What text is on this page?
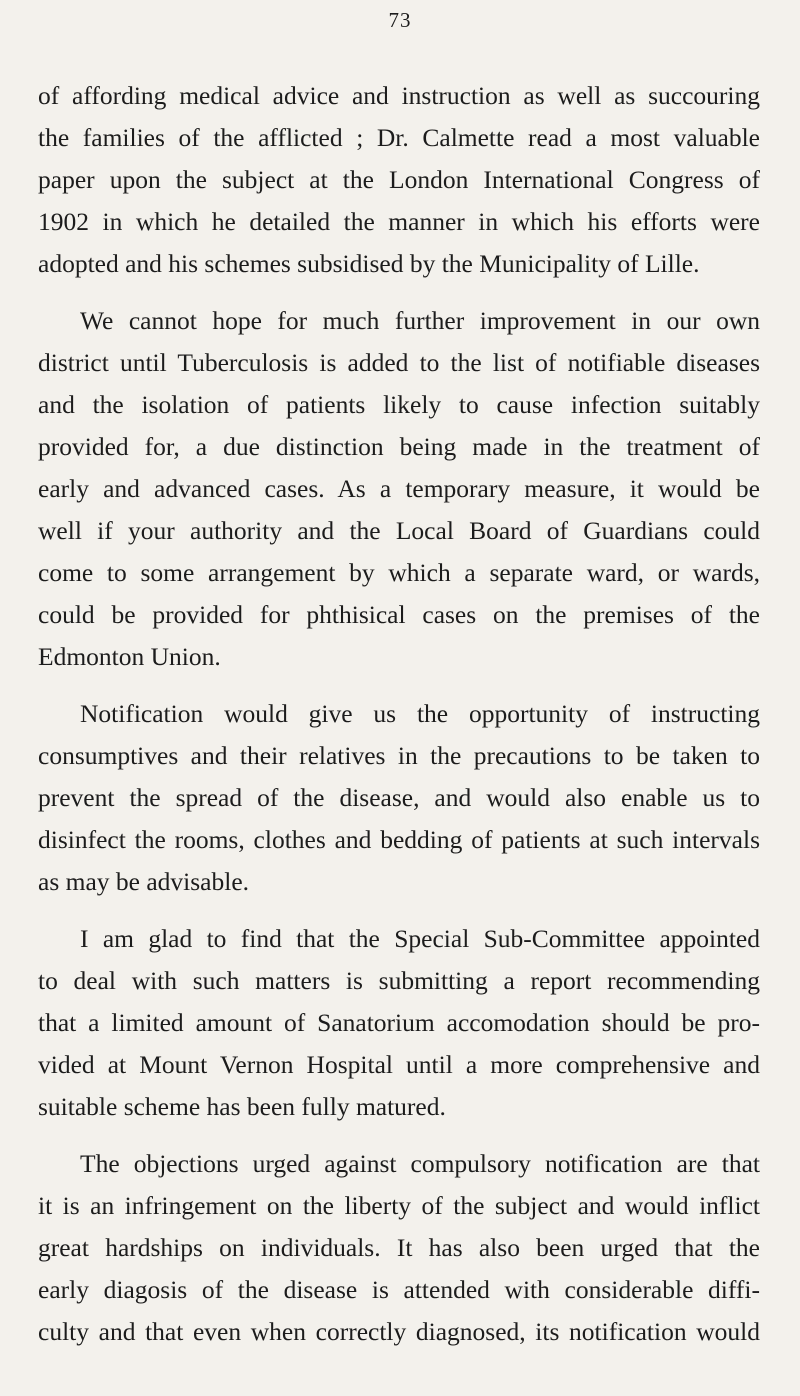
73
of affording medical advice and instruction as well as succouring
the families of the afflicted ; Dr. Calmette read a most valuable
paper upon the subject at the London International Congress of
1902 in which he detailed the manner in which his efforts were
adopted and his schemes subsidised by the Municipality of Lille.
We cannot hope for much further improvement in our own
district until Tuberculosis is added to the list of notifiable diseases
and the isolation of patients likely to cause infection suitably
provided for, a due distinction being made in the treatment of
early and advanced cases. As a temporary measure, it would be
well if your authority and the Local Board of Guardians could
come to some arrangement by which a separate ward, or wards,
could be provided for phthisical cases on the premises of the
Edmonton Union.
Notification would give us the opportunity of instructing
consumptives and their relatives in the precautions to be taken to
prevent the spread of the disease, and would also enable us to
disinfect the rooms, clothes and bedding of patients at such intervals
as may be advisable.
I am glad to find that the Special Sub-Committee appointed
to deal with such matters is submitting a report recommending
that a limited amount of Sanatorium accomodation should be pro-
vided at Mount Vernon Hospital until a more comprehensive and
suitable scheme has been fully matured.
The objections urged against compulsory notification are that
it is an infringement on the liberty of the subject and would inflict
great hardships on individuals. It has also been urged that the
early diagosis of the disease is attended with considerable diffi-
culty and that even when correctly diagnosed, its notification would
